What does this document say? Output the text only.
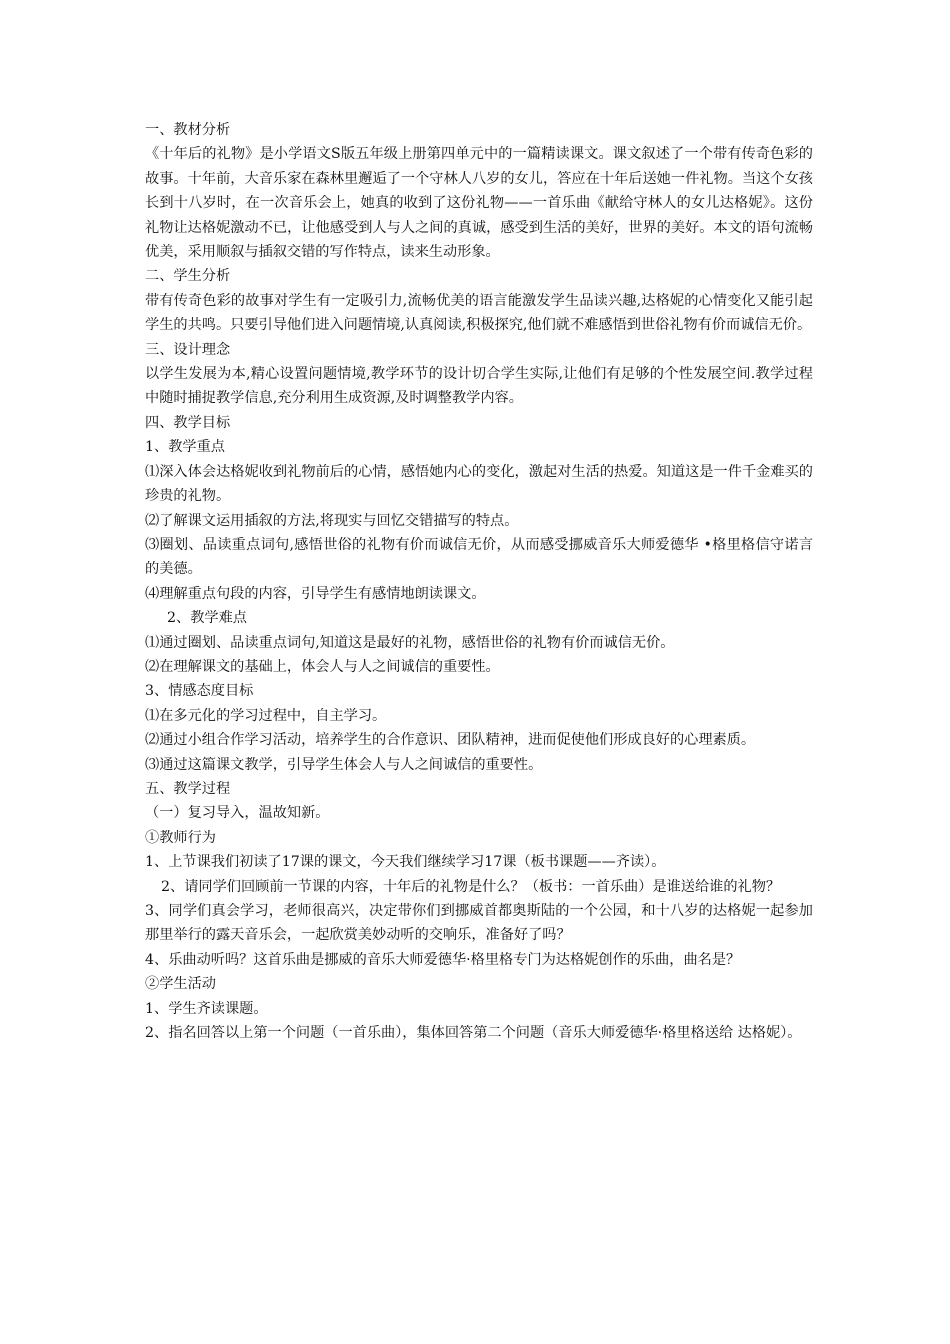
一、教材分析
《十年后的礼物》是小学语文S版五年级上册第四单元中的一篇精读课文。课文叙述了一个带有传奇色彩的故事。十年前，大音乐家在森林里邂逅了一个守林人八岁的女儿，答应在十年后送她一件礼物。当这个女孩长到十八岁时，在一次音乐会上，她真的收到了这份礼物——一首乐曲《献给守林人的女儿达格妮》。这份礼物让达格妮激动不已，让他感受到人与人之间的真诚，感受到生活的美好，世界的美好。本文的语句流畅优美，采用顺叙与插叙交错的写作特点，读来生动形象。
二、学生分析
带有传奇色彩的故事对学生有一定吸引力,流畅优美的语言能激发学生品读兴趣,达格妮的心情变化又能引起学生的共鸣。只要引导他们进入问题情境,认真阅读,积极探究,他们就不难感悟到世俗礼物有价而诚信无价。
三、设计理念
以学生发展为本,精心设置问题情境,教学环节的设计切合学生实际,让他们有足够的个性发展空间.教学过程中随时捕捉教学信息,充分利用生成资源,及时调整教学内容。
四、教学目标
1、教学重点
⑴深入体会达格妮收到礼物前后的心情，感悟她内心的变化，激起对生活的热爱。知道这是一件千金难买的珍贵的礼物。
⑵了解课文运用插叙的方法,将现实与回忆交错描写的特点。
⑶圈划、品读重点词句,感悟世俗的礼物有价而诚信无价，从而感受挪威音乐大师爱德华 •格里格信守诺言的美德。
⑷理解重点句段的内容，引导学生有感情地朗读课文。
2、教学难点
⑴通过圈划、品读重点词句,知道这是最好的礼物，感悟世俗的礼物有价而诚信无价。
⑵在理解课文的基础上，体会人与人之间诚信的重要性。
3、情感态度目标
⑴在多元化的学习过程中，自主学习。
⑵通过小组合作学习活动，培养学生的合作意识、团队精神，进而促使他们形成良好的心理素质。
⑶通过这篇课文教学，引导学生体会人与人之间诚信的重要性。
五、教学过程
（一）复习导入，温故知新。
①教师行为
1、上节课我们初读了17课的课文，今天我们继续学习17课（板书课题——齐读）。
2、请同学们回顾前一节课的内容，十年后的礼物是什么？（板书：一首乐曲）是谁送给谁的礼物？
3、同学们真会学习，老师很高兴，决定带你们到挪威首都奥斯陆的一个公园，和十八岁的达格妮一起参加那里举行的露天音乐会，一起欣赏美妙动听的交响乐，准备好了吗？
4、乐曲动听吗？这首乐曲是挪威的音乐大师爱德华·格里格专门为达格妮创作的乐曲，曲名是？
②学生活动
1、学生齐读课题。
2、指名回答以上第一个问题（一首乐曲），集体回答第二个问题（音乐大师爱德华·格里格送给 达格妮）。
